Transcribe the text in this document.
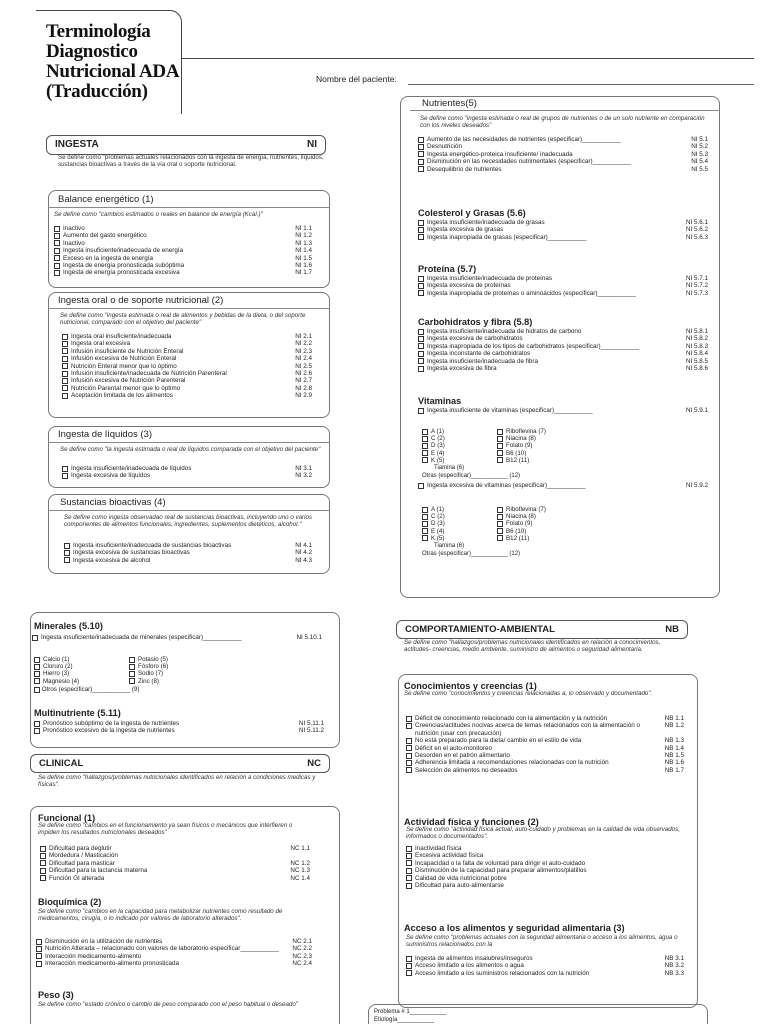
Terminología
Diagnostico
Nutricional ADA
(Traducción)
Nombre del paciente:
INGESTA	NI
Se define como "problemas actuales relacionados con la ingesta de energía, nutrientes, líquidos, sustancias bioactivas a través de la vía oral o soporte nutricional.
Balance energético (1)
Se define como "cambios estimados o reales en balance de energía (Kcal.)"
Inactivo	NI 1.1
Aumento del gasto energético	NI 1.2
Inactivo	NI 1.3
Ingesta insuficiente/inadecuada de energía	NI 1.4
Exceso en la ingesta de energía	NI 1.5
Ingesta de energía pronosticada subóptima	NI 1.6
Ingesta de energía pronosticada excesiva	NI 1.7
Ingesta oral o de soporte nutricional (2)
Se define como "ingesta estimada o real de alimentos y bebidas de la dieta, o del soporte nutricional, comparado con el objetivo del paciente"
Ingesta oral insuficiente/inadecuada	NI 2.1
Ingesta oral excesiva	NI 2.2
Infusión insuficiente de Nutrición Enteral	NI 2.3
Infusión excesiva de Nutrición Enteral	NI 2.4
Nutrición Enteral menor que lo óptimo	NI 2.5
Infusión insuficiente/inadecuada de Nutrición Parenteral	NI 2.6
Infusión excesiva de Nutrición Parenteral	NI 2.7
Nutrición Parental menor que lo óptimo	NI 2.8
Aceptación limitada de los alimentos	NI 2.9
Ingesta de líquidos (3)
Se define como "la ingesta estimada o real de líquidos comparada con el objetivo del paciente"
Ingesta insuficiente/inadecuada de líquidos	NI 3.1
Ingesta excesiva de líquidos	NI 3.2
Sustancias bioactivas (4)
Se define como ingesta observadao real de sustancias bioactivas, incluyendo uno o varios componentes de alimentos funcionales, ingredientes, suplementos dietéticos, alcohol."
Ingesta insuficiente/inadecuada de sustancias bioactivas	NI 4.1
Ingesta excesiva de sustancias bioactivas	NI 4.2
Ingesta excesiva de alcohol	NI 4.3
Nutrientes(5)
Se define como "ingesta estimada o real de grupos de nutrientes o de un solo nutriente en comparación con los niveles deseados"
Aumento de las necesidades de nutrientes (especificar)___________	NI 5.1
Desnutrición	NI 5.2
Ingesta energético-proteica insuficiente/ inadecuada	NI 5.3
Disminución en las necesidades nutrimentales (especificar)___________	NI 5.4
Desequilibrio de nutrientes	NI 5.5
Colesterol y Grasas (5.6)
Ingesta insuficiente/inadecuada de grasas	NI 5.6.1
Ingesta excesiva de grasas	NI 5.6.2
Ingesta inapropiada de grasas (especificar)___________	NI 5.6.3
Proteína (5.7)
Ingesta insuficiente/inadecuada de proteínas	NI 5.7.1
Ingesta excesiva de proteínas	NI 5.7.2
Ingesta inapropiada de proteínas o aminoácidos (especificar)___________	NI 5.7.3
Carbohidratos y fibra (5.8)
Ingesta insuficiente/inadecuada de hidratos de carbono	NI 5.8.1
Ingesta excesiva de carbohidratos	NI 5.8.2
Ingesta inapropiada de los tipos de carbohidratos (especificar)___________	NI 5.8.3
Ingesta inconstante de carbohidratos	NI 5.8.4
Ingesta insuficiente/inadecuada de fibra	NI 5.8.5
Ingesta excesiva de fibra	NI 5.8.6
Vitaminas
Ingesta insuficiente de vitaminas (especificar)___________	NI 5.9.1
A (1)	Riboflevina (7)
C (2)	Niacina (8)
D (3)	Folato (9)
E (4)	B6 (10)
K (5)	B12 (11)
Tiamina (6)
Otras (especificar)___________ (12)
Ingesta excesiva de vitaminas (especificar)___________	NI 5.9.2
A (1)	Riboflevina (7)
C (2)	Niacina (8)
D (3)	Folato (9)
E (4)	B6 (10)
K (5)	B12 (11)
Tiamina (6)
Otras (especificar)___________ (12)
Minerales (5.10)
Ingesta insuficiente/inadecuada de minerales (especificar)___________	NI 5.10.1
Calcio (1)	Potasio (5)
Cloruro (2)	Fósforo (6)
Hierro (3)	Sodio (7)
Magnesio (4)	Zinc (8)
Otros (especificar)___________ (9)
Multinutriente (5.11)
Pronóstico subóptimo de la ingesta de nutrientes	NI 5.11.1
Pronóstico excesivo de la ingesta de nutrientes	NI 5.11.2
CLINICAL	NC
Se define como "hallazgos/problemas nutricionales identificados en relación a condiciones medicas y físicas".
Funcional (1)
Se define como "cambios en el funcionamiento ya sean físicos o mecánicos que interfieren o impiden los resultados nutricionales deseados"
Dificultad para deglutir	NC 1.1
Mordedura / Masticación
Dificultad para masticar	NC 1.2
Dificultad para la lactancia materna	NC 1.3
Función GI alterada	NC 1.4
Bioquímica (2)
Se define como "cambios en la capacidad para metabolizar nutrientes como resultado de medicamentos, cirugía, o lo indicado por valores de laboratorio alterados".
Disminución en la utilización de nutrientes	NC 2.1
Nutrición Alterada – relacionado con valores de laboratorio especificar___________ NC 2.2
Interacción medicamento-alimento	NC 2.3
Interacción medicamento-alimento pronosticada	NC 2.4
Peso (3)
Se define como "estado crónico o cambio de peso comparado con el peso habitual o deseado"
COMPORTAMIENTO-AMBIENTAL	NB
Se define como "hallazgos/problemas nutricionales identificados en relación a conocimientos, actitudes- creencias, medio ambiente, suministro de alimentos o seguridad alimentaria.
Conocimientos y creencias (1)
Se define como "conocimientos y creencias relacionadas a, lo observado y documentado".
Déficit de conocimiento relacionado con la alimentación y la nutrición	NB 1.1
Creencias/actitudes nocivas acerca de temas relacionados con la alimentación o nutrición (usar con precaución)
NB 1.2
No está preparado para la dieta/ cambio en el estilo de vida	NB 1.3
Déficit en el auto-monitoreo	NB 1.4
Desorden en el patrón alimentario	NB 1.5
Adherencia limitada a recomendaciones relacionadas con la nutrición	NB 1.6
Selección de alimentos no deseados	NB 1.7
Actividad física y funciones (2)
Se define como "actividad física actual, auto-cuidado y problemas en la calidad de vida observados, informados o documentados".
Inactividad física
Excesiva actividad física
Incapacidad o la falta de voluntad para dirigir el auto-cuidado
Disminución de la capacidad para preparar alimentos/platillos
Calidad de vida nutricional pobre
Dificultad para auto-alimentarse
Acceso a los alimentos y seguridad alimentaria (3)
Se define como "problemas actuales con la seguridad alimentaria o acceso a los alimentos, agua o suministros relacionados con la
Ingesta de alimentos insalubres/inseguros	NB 3.1
Acceso limitado a los alimentos o agua	NB 3.2
Acceso limitado a los suministros relacionados con la nutrición	NB 3.3
Problema # 1___________
Etiología___________
